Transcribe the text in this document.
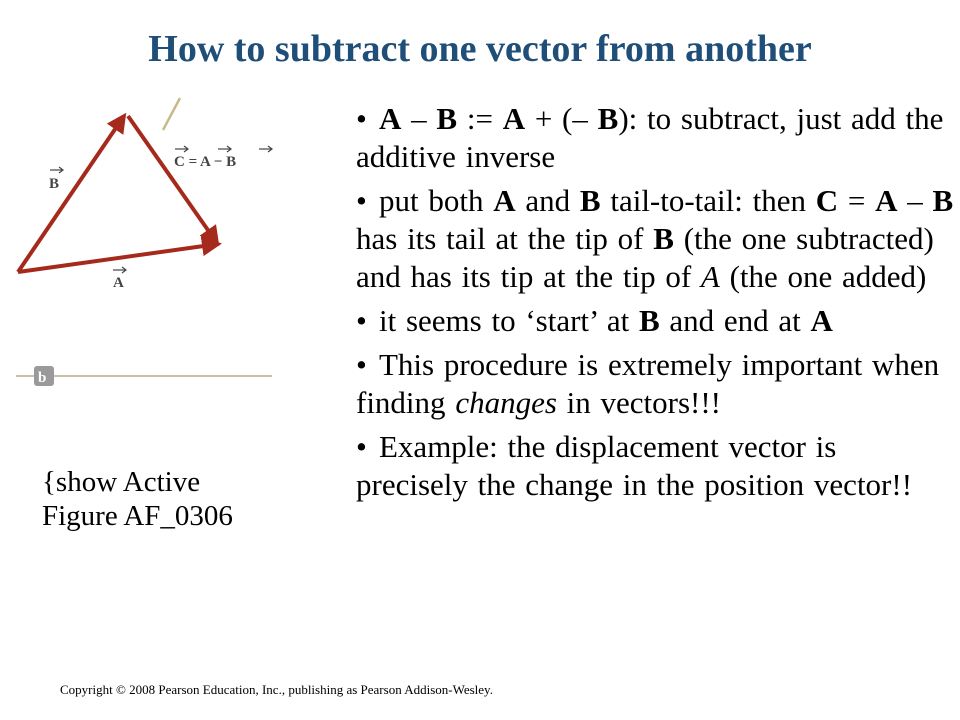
How to subtract one vector from another
B
C = A − B
A
b
{show Active
Figure AF_0306
• A – B := A + (– B): to subtract, just add the additive inverse
• put both A and B tail-to-tail: then C = A – B has its tail at the tip of B (the one subtracted) and has its tip at the tip of A (the one added)
• it seems to ‘start’ at B and end at A
• This procedure is extremely important when finding changes in vectors!!!
• Example: the displacement vector is precisely the change in the position vector!!
Copyright © 2008 Pearson Education, Inc., publishing as Pearson Addison-Wesley.
